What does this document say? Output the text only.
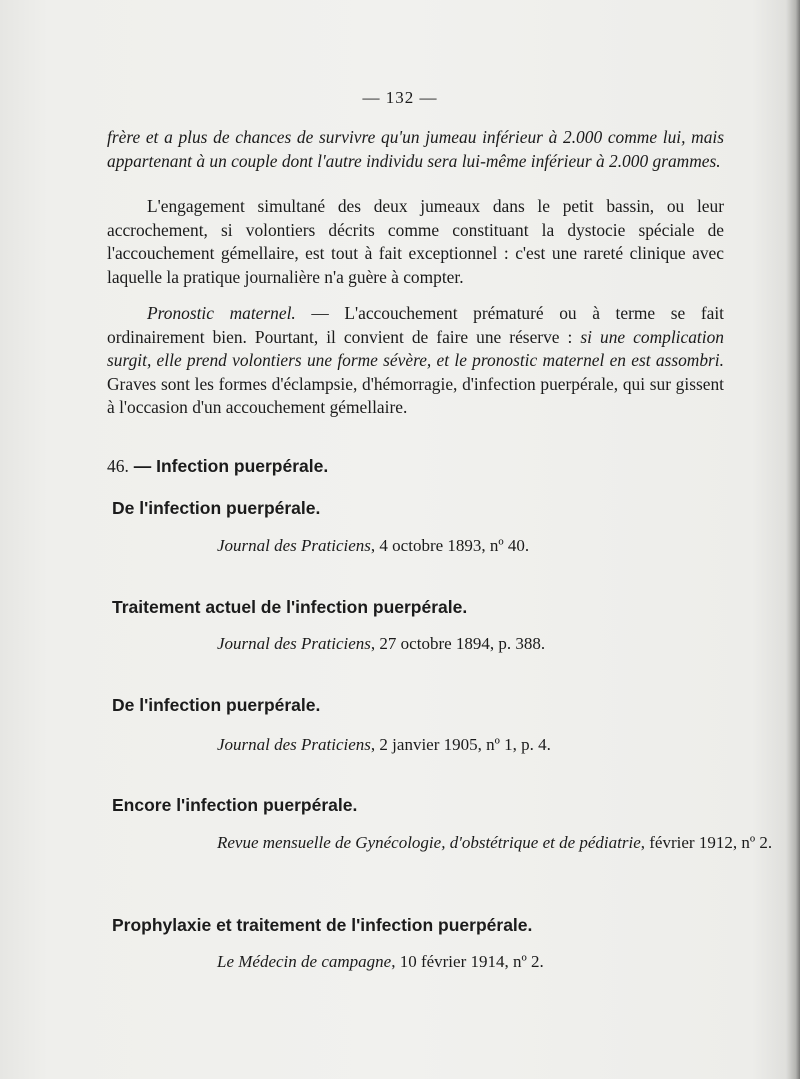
— 132 —

frère et a plus de chances de survivre qu'un jumeau inférieur à 2.000 comme lui, mais appartenant à un couple dont l'autre individu sera lui-même inférieur à 2.000 grammes.

L'engagement simultané des deux jumeaux dans le petit bassin, ou leur accrochement, si volontiers décrits comme constituant la dystocie spéciale de l'accouchement gémellaire, est tout à fait exceptionnel : c'est une rareté clinique avec laquelle la pratique journalière n'a guère à compter.

Pronostic maternel. — L'accouchement prématuré ou à terme se fait ordinairement bien. Pourtant, il convient de faire une réserve : si une complication surgit, elle prend volontiers une forme sévère, et le pronostic maternel en est assombri. Graves sont les formes d'éclampsie, d'hémorragie, d'infection puerpérale, qui sur gissent à l'occasion d'un accouchement gémellaire.

46. — Infection puerpérale.
De l'infection puerpérale.
Journal des Praticiens, 4 octobre 1893, nº 40.
Traitement actuel de l'infection puerpérale.
Journal des Praticiens, 27 octobre 1894, p. 388.
De l'infection puerpérale.
Journal des Praticiens, 2 janvier 1905, nº 1, p. 4.
Encore l'infection puerpérale.
Revue mensuelle de Gynécologie, d'obstétrique et de pédiatrie, février 1912, nº 2.
Prophylaxie et traitement de l'infection puerpérale.
Le Médecin de campagne, 10 février 1914, nº 2.
